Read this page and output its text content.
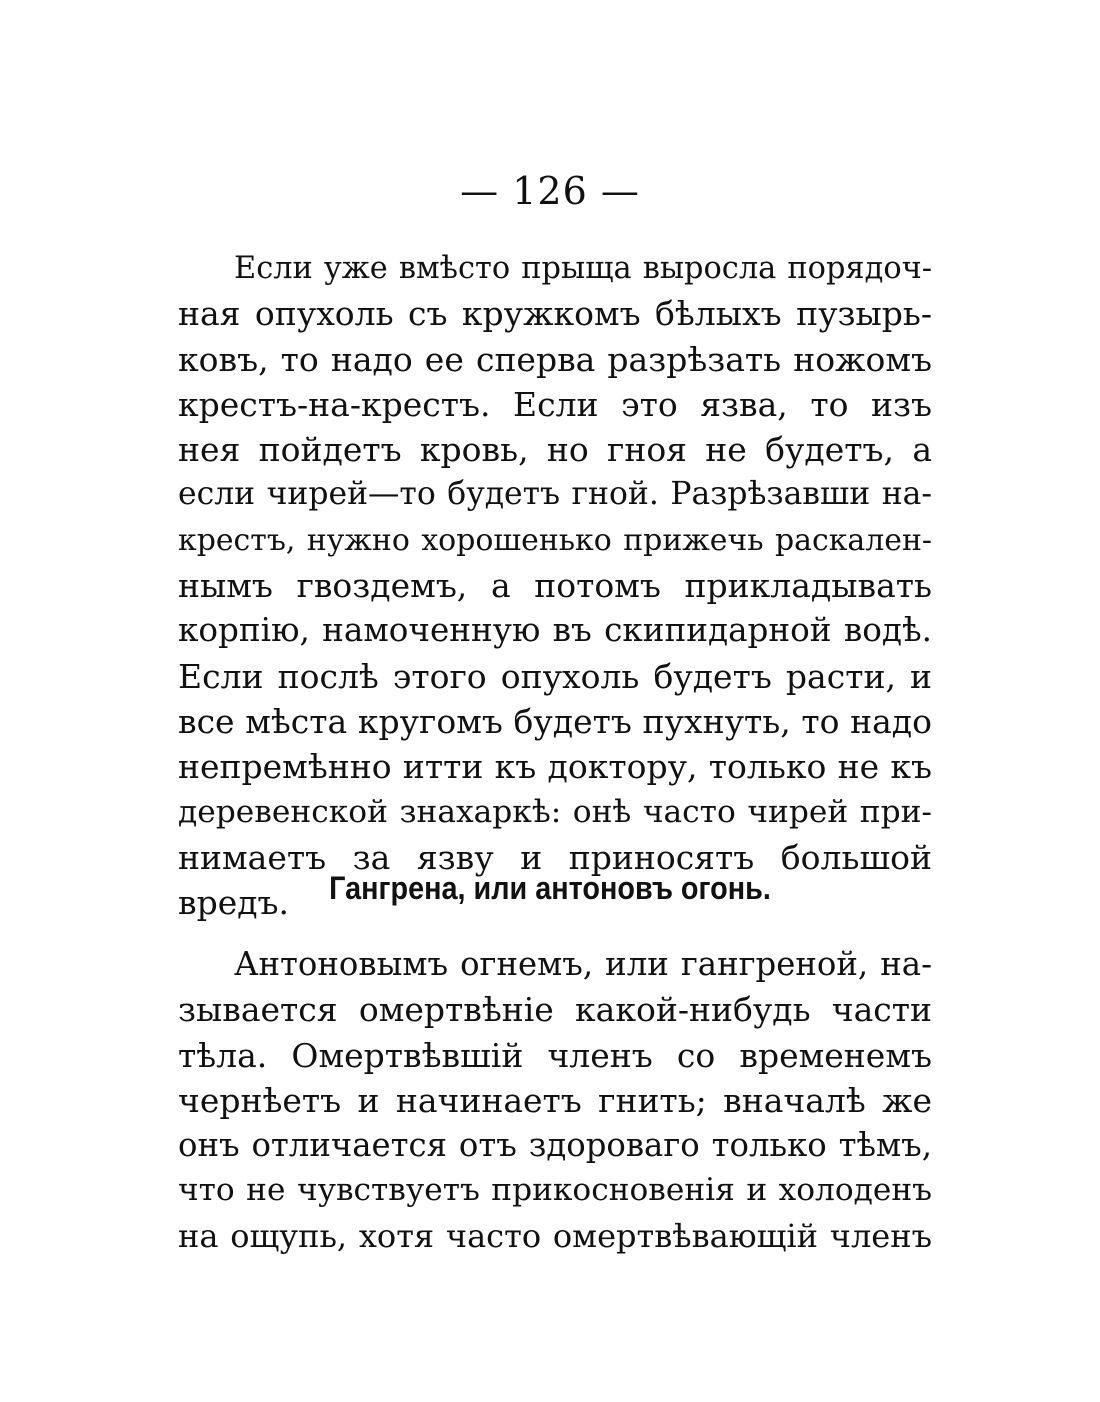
— 126 —
Если уже вмѣсто прыща выросла порядоч-
ная опухоль съ кружкомъ бѣлыхъ пузырь-
ковъ, то надо ее сперва разрѣзать ножомъ
крестъ-на-крестъ. Если это язва, то изъ
нея пойдетъ кровь, но гноя не будетъ, а
если чирей—то будетъ гной. Разрѣзавши на-
крестъ, нужно хорошенько прижечь раскален-
нымъ гвоздемъ, а потомъ прикладывать
корпію, намоченную въ скипидарной водѣ.
Если послѣ этого опухоль будетъ расти, и
все мѣста кругомъ будетъ пухнуть, то надо
непремѣнно итти къ доктору, только не къ
деревенской знахаркѣ: онѣ часто чирей при-
нимаетъ за язву и приносятъ большой
вредъ.	Гангрена, или антоновъ огонь.
Антоновымъ огнемъ, или гангреной, на-
зывается омертвѣніе какой-нибудь части
тѣла. Омертвѣвшій членъ со временемъ
чернѣетъ и начинаетъ гнить; вначалѣ же
онъ отличается отъ здороваго только тѣмъ,
что не чувствуетъ прикосновенія и холоденъ
на ощупь, хотя часто омертвѣвающій членъ
